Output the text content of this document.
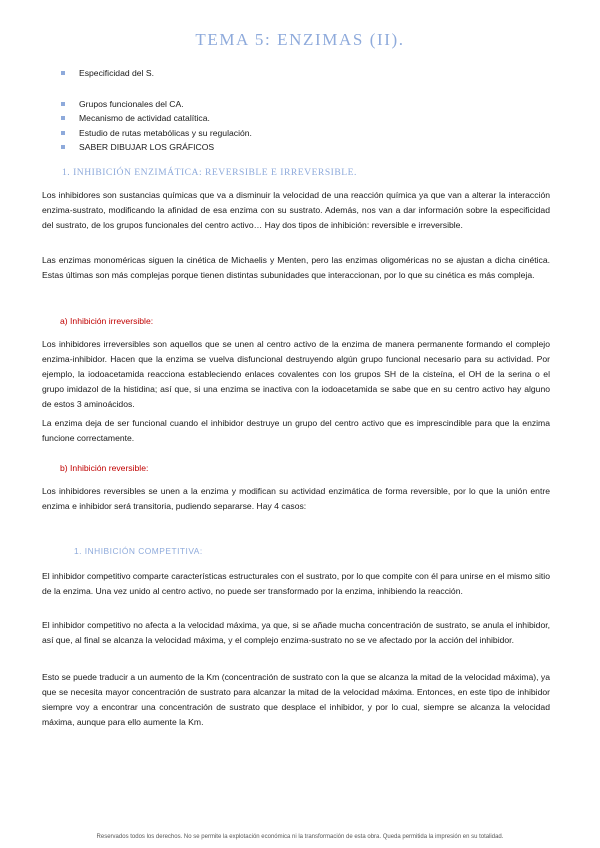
TEMA 5: ENZIMAS (II).
Especificidad del S.
Grupos funcionales del CA.
Mecanismo de actividad catalítica.
Estudio de rutas metabólicas y su regulación.
SABER DIBUJAR LOS GRÁFICOS
1. INHIBICIÓN ENZIMÁTICA: REVERSIBLE E IRREVERSIBLE.
Los inhibidores son sustancias químicas que va a disminuir la velocidad de una reacción química ya que van a alterar la interacción enzima-sustrato, modificando la afinidad de esa enzima con su sustrato. Además, nos van a dar información sobre la especificidad del sustrato, de los grupos funcionales del centro activo… Hay dos tipos de inhibición: reversible e irreversible.
Las enzimas monoméricas siguen la cinética de Michaelis y Menten, pero las enzimas oligoméricas no se ajustan a dicha cinética. Estas últimas son más complejas porque tienen distintas subunidades que interaccionan, por lo que su cinética es más compleja.
a) Inhibición irreversible:
Los inhibidores irreversibles son aquellos que se unen al centro activo de la enzima de manera permanente formando el complejo enzima-inhibidor. Hacen que la enzima se vuelva disfuncional destruyendo algún grupo funcional necesario para su actividad. Por ejemplo, la iodoacetamida reacciona estableciendo enlaces covalentes con los grupos SH de la cisteína, el OH de la serina o el grupo imidazol de la histidina; así que, si una enzima se inactiva con la iodoacetamida se sabe que en su centro activo hay alguno de estos 3 aminoácidos.
La enzima deja de ser funcional cuando el inhibidor destruye un grupo del centro activo que es imprescindible para que la enzima funcione correctamente.
b) Inhibición reversible:
Los inhibidores reversibles se unen a la enzima y modifican su actividad enzimática de forma reversible, por lo que la unión entre enzima e inhibidor será transitoria, pudiendo separarse. Hay 4 casos:
1. INHIBICIÓN COMPETITIVA:
El inhibidor competitivo comparte características estructurales con el sustrato, por lo que compite con él para unirse en el mismo sitio de la enzima. Una vez unido al centro activo, no puede ser transformado por la enzima, inhibiendo la reacción.
El inhibidor competitivo no afecta a la velocidad máxima, ya que, si se añade mucha concentración de sustrato, se anula el inhibidor, así que, al final se alcanza la velocidad máxima, y el complejo enzima-sustrato no se ve afectado por la acción del inhibidor.
Esto se puede traducir a un aumento de la Km (concentración de sustrato con la que se alcanza la mitad de la velocidad máxima), ya que se necesita mayor concentración de sustrato para alcanzar la mitad de la velocidad máxima. Entonces, en este tipo de inhibidor siempre voy a encontrar una concentración de sustrato que desplace el inhibidor, y por lo cual, siempre se alcanza la velocidad máxima, aunque para ello aumente la Km.
Reservados todos los derechos. No se permite la explotación económica ni la transformación de esta obra. Queda permitida la impresión en su totalidad.
